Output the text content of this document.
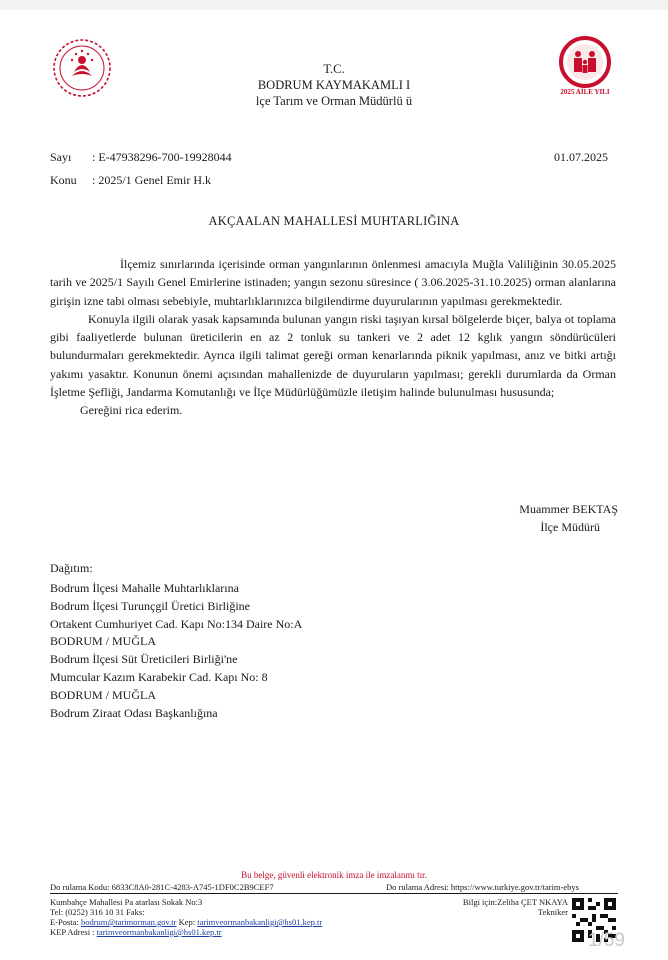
2025 AİLE YILI
T.C.
BODRUM KAYMAKAMLI I
lçe Tarım ve Orman Müdürlü ü
Sayı : E-47938296-700-19928044	01.07.2025
Konu : 2025/1 Genel Emir H.k
AKÇAALAN MAHALLESİ MUHTARLIĞINA

İlçemiz sınırlarında içerisinde orman yangınlarının önlenmesi amacıyla Muğla Valiliğinin 30.05.2025 tarih ve 2025/1 Sayılı Genel Emirlerine istinaden; yangın sezonu süresince ( 3.06.2025-31.10.2025) orman alanlarına girişin izne tabi olması sebebiyle, muhtarlıklarınızca bilgilendirme duyurularının yapılması gerekmektedir.

Konuyla ilgili olarak yasak kapsamında bulunan yangın riski taşıyan kırsal bölgelerde biçer, balya ot toplama gibi faaliyetlerde bulunan üreticilerin en az 2 tonluk su tankeri ve 2 adet 12 kglık yangın söndürücüleri bulundurmaları gerekmektedir. Ayrıca ilgili talimat gereği orman kenarlarında piknik yapılması, anız ve bitki artığı yakımı yasaktır. Konunun önemi açısından mahallenizde de duyuruların yapılması; gerekli durumlarda da Orman İşletme Şefliği, Jandarma Komutanlığı ve İlçe Müdürlüğümüzle iletişim halinde bulunulması hususunda;

Gereğini rica ederim.

Muammer BEKTAŞ
İlçe Müdürü
Dağıtım:
Bodrum İlçesi Mahalle Muhtarlıklarına
Bodrum İlçesi Turunçgil Üretici Birliğine
Ortakent Cumhuriyet Cad. Kapı No:134 Daire No:A
BODRUM / MUĞLA
Bodrum İlçesi Süt Üreticileri Birliği'ne
Mumcular Kazım Karabekir Cad. Kapı No: 8
BODRUM / MUĞLA
Bodrum Ziraat Odası Başkanlığına
Bu belge, güvenli elektronik imza ile imzalanmı tır.
Do rulama Kodu: 6833C8A0-281C-4283-A745-1DF0C2B9CEF7	Do rulama Adresi: https://www.turkiye.gov.tr/tarim-ebys
Kumbahçe Mahallesi Pa atarlası Sokak No:3
Tel: (0252) 316 10 31 Faks:
E-Posta: bodrum@tarimorman.gov.tr Kep: tarimveormanbakanligi@hs01.kep.tr
KEP Adresi : tarimveormanbakanligi@hs01.kep.tr
Bilgi için:Zeliha ÇET NKAYA
Tekniker
1/59
